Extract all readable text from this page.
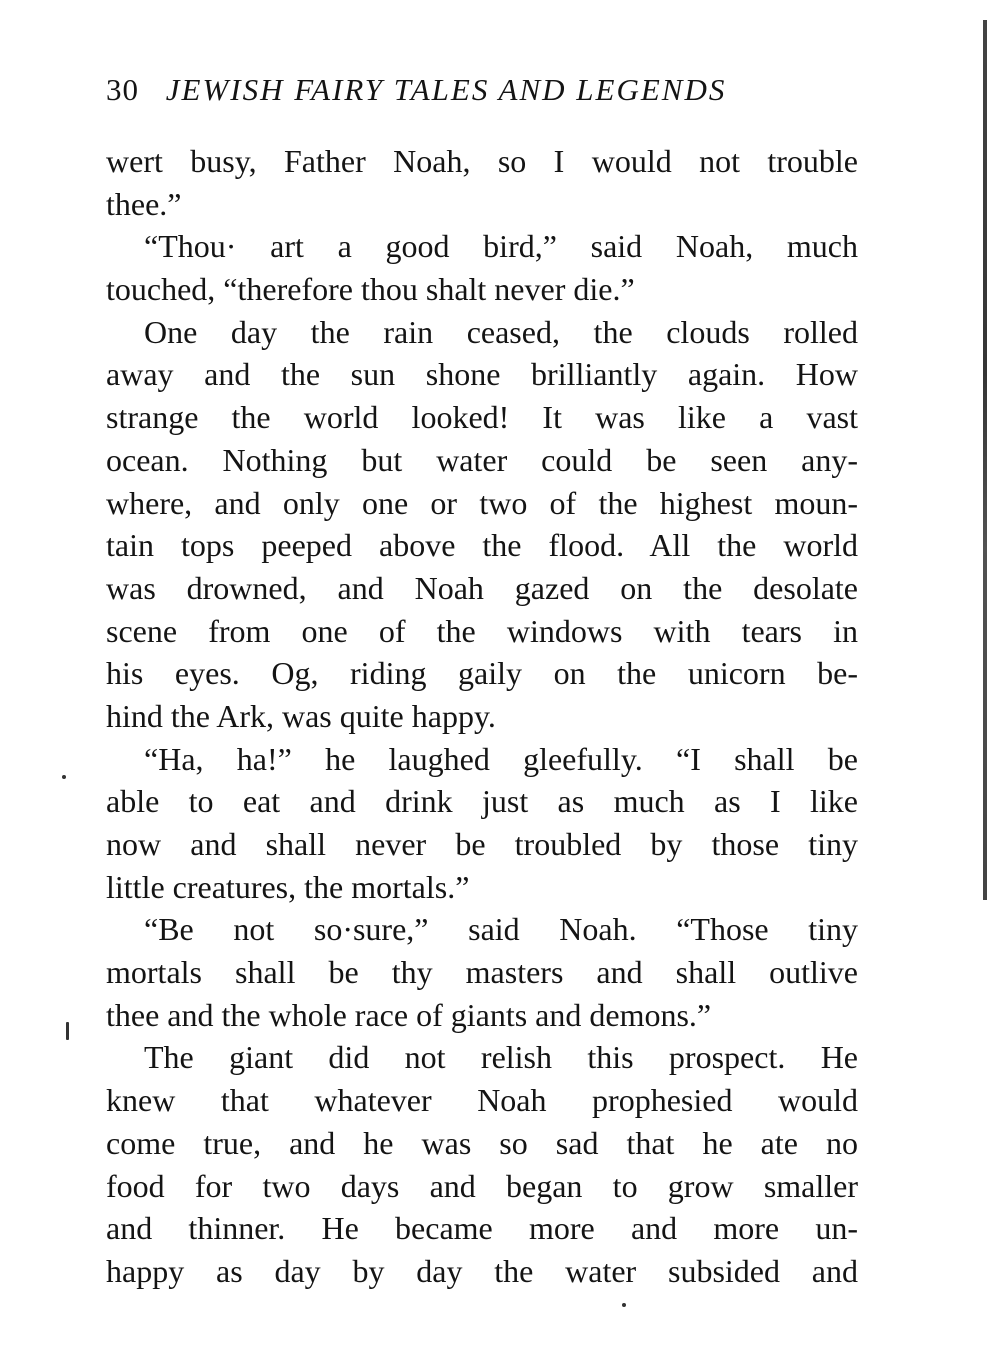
30 JEWISH FAIRY TALES AND LEGENDS
wert busy, Father Noah, so I would not trouble
thee.”
“Thou· art a good bird,” said Noah, much
touched, “therefore thou shalt never die.”
One day the rain ceased, the clouds rolled
away and the sun shone brilliantly again. How
strange the world looked! It was like a vast
ocean. Nothing but water could be seen any-
where, and only one or two of the highest moun-
tain tops peeped above the flood. All the world
was drowned, and Noah gazed on the desolate
scene from one of the windows with tears in
his eyes. Og, riding gaily on the unicorn be-
hind the Ark, was quite happy.
“Ha, ha!” he laughed gleefully. “I shall be
able to eat and drink just as much as I like
now and shall never be troubled by those tiny
little creatures, the mortals.”
“Be not so·sure,” said Noah. “Those tiny
mortals shall be thy masters and shall outlive
thee and the whole race of giants and demons.”
The giant did not relish this prospect. He
knew that whatever Noah prophesied would
come true, and he was so sad that he ate no
food for two days and began to grow smaller
and thinner. He became more and more un-
happy as day by day the water subsided and
